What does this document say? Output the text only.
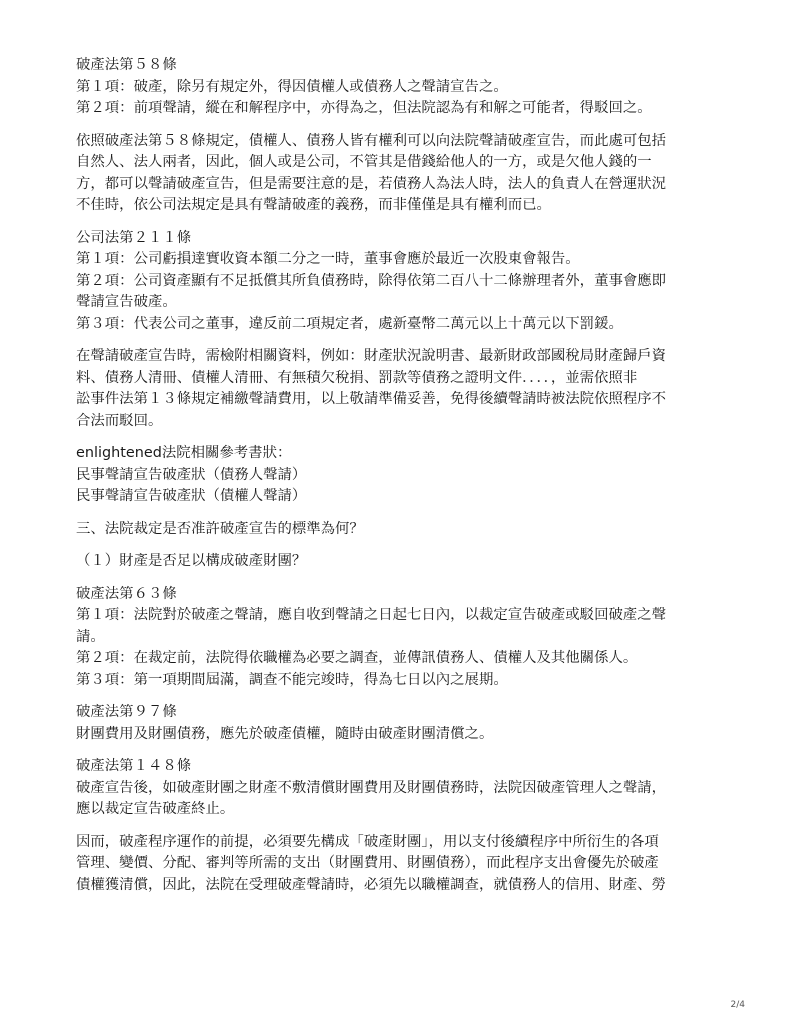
破產法第５８條

第１項：破產，除另有規定外，得因債權人或債務人之聲請宣告之。

第２項：前項聲請，縱在和解程序中，亦得為之，但法院認為有和解之可能者，得駁回之。

依照破產法第５８條規定，債權人、債務人皆有權利可以向法院聲請破產宣告，而此處可包括

自然人、法人兩者，因此，個人或是公司，不管其是借錢給他人的一方，或是欠他人錢的一

方，都可以聲請破產宣告，但是需要注意的是，若債務人為法人時，法人的負責人在營運狀況

不佳時，依公司法規定是具有聲請破產的義務，而非僅僅是具有權利而已。

公司法第２１１條

第１項：公司虧損達實收資本額二分之一時，董事會應於最近一次股東會報告。

第２項：公司資產顯有不足抵償其所負債務時，除得依第二百八十二條辦理者外，董事會應即

聲請宣告破產。

第３項：代表公司之董事，違反前二項規定者，處新臺幣二萬元以上十萬元以下罰鍰。

在聲請破產宣告時，需檢附相關資料，例如：財產狀況說明書、最新財政部國稅局財產歸戶資

料、債務人清冊、債權人清冊、有無積欠稅捐、罰款等債務之證明文件．．．．，並需依照非

訟事件法第１３條規定補繳聲請費用，以上敬請準備妥善，免得後續聲請時被法院依照程序不

合法而駁回。

enlightened法院相關參考書狀：

民事聲請宣告破產狀（債務人聲請）

民事聲請宣告破產狀（債權人聲請）

三、法院裁定是否准許破產宣告的標準為何？

（１）財產是否足以構成破產財團？

破產法第６３條

第１項：法院對於破產之聲請，應自收到聲請之日起七日內，以裁定宣告破產或駁回破產之聲

請。

第２項：在裁定前，法院得依職權為必要之調查，並傳訊債務人、債權人及其他關係人。

第３項：第一項期間屆滿，調查不能完竣時，得為七日以內之展期。

破產法第９７條

財團費用及財團債務，應先於破產債權，隨時由破產財團清償之。

破產法第１４８條

破產宣告後，如破產財團之財產不敷清償財團費用及財團債務時，法院因破產管理人之聲請，

應以裁定宣告破產終止。

因而，破產程序運作的前提，必須要先構成「破產財團」，用以支付後續程序中所衍生的各項

管理、變價、分配、審判等所需的支出（財團費用、財團債務），而此程序支出會優先於破產

債權獲清償，因此，法院在受理破產聲請時，必須先以職權調查，就債務人的信用、財產、勞

2/4
